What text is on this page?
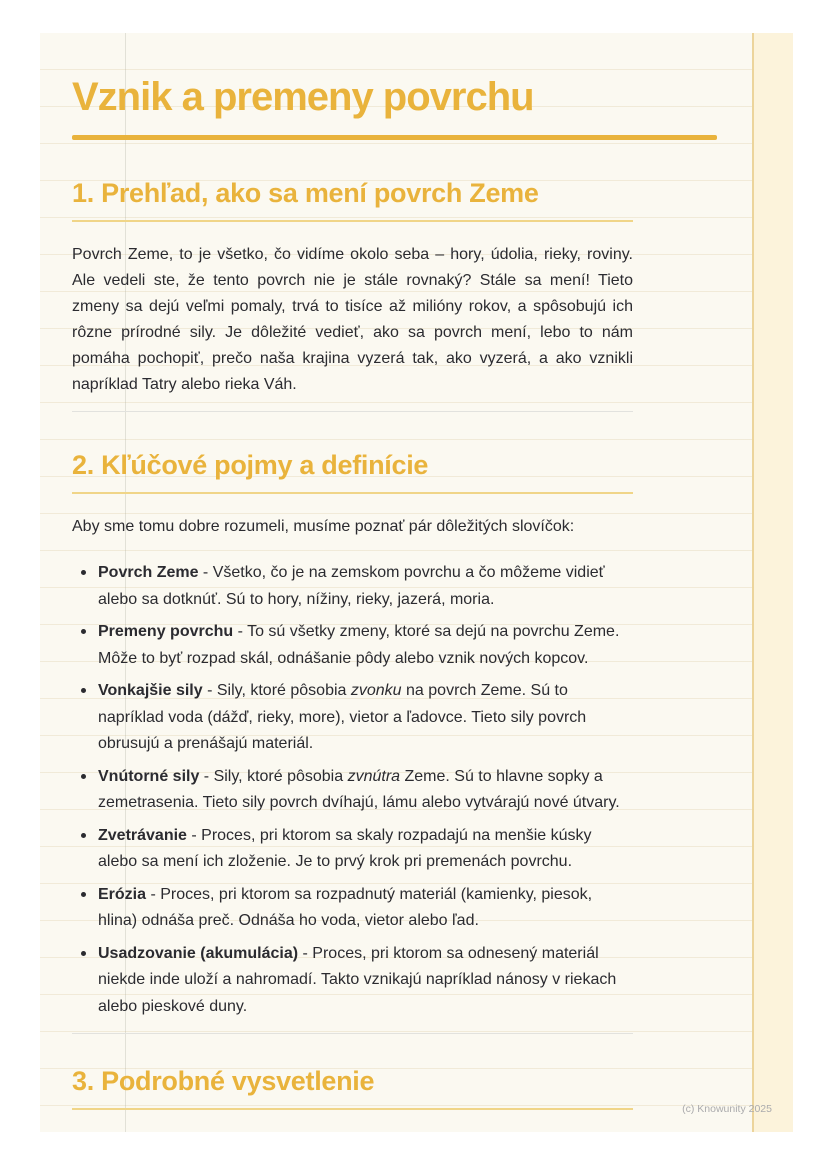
Vznik a premeny povrchu
1. Prehľad, ako sa mení povrch Zeme

Povrch Zeme, to je všetko, čo vidíme okolo seba – hory, údolia, rieky, roviny. Ale vedeli ste, že tento povrch nie je stále rovnaký? Stále sa mení! Tieto zmeny sa dejú veľmi pomaly, trvá to tisíce až milióny rokov, a spôsobujú ich rôzne prírodné sily. Je dôležité vedieť, ako sa povrch mení, lebo to nám pomáha pochopiť, prečo naša krajina vyzerá tak, ako vyzerá, a ako vznikli napríklad Tatry alebo rieka Váh.

2. Kľúčové pojmy a definície

Aby sme tomu dobre rozumeli, musíme poznať pár dôležitých slovíčok:

Povrch Zeme - Všetko, čo je na zemskom povrchu a čo môžeme vidieť alebo sa dotknúť. Sú to hory, nížiny, rieky, jazerá, moria.
Premeny povrchu - To sú všetky zmeny, ktoré sa dejú na povrchu Zeme. Môže to byť rozpad skál, odnášanie pôdy alebo vznik nových kopcov.
Vonkajšie sily - Sily, ktoré pôsobia zvonku na povrch Zeme. Sú to napríklad voda (dážď, rieky, more), vietor a ľadovce. Tieto sily povrch obrusujú a prenášajú materiál.
Vnútorné sily - Sily, ktoré pôsobia zvnútra Zeme. Sú to hlavne sopky a zemetrasenia. Tieto sily povrch dvíhajú, lámu alebo vytvárajú nové útvary.
Zvetrávanie - Proces, pri ktorom sa skaly rozpadajú na menšie kúsky alebo sa mení ich zloženie. Je to prvý krok pri premenách povrchu.
Erózia - Proces, pri ktorom sa rozpadnutý materiál (kamienky, piesok, hlina) odnáša preč. Odnáša ho voda, vietor alebo ľad.
Usadzovanie (akumulácia) - Proces, pri ktorom sa odnesený materiál niekde inde uloží a nahromadí. Takto vznikajú napríklad nánosy v riekach alebo pieskové duny.
3. Podrobné vysvetlenie
(c) Knowunity 2025
